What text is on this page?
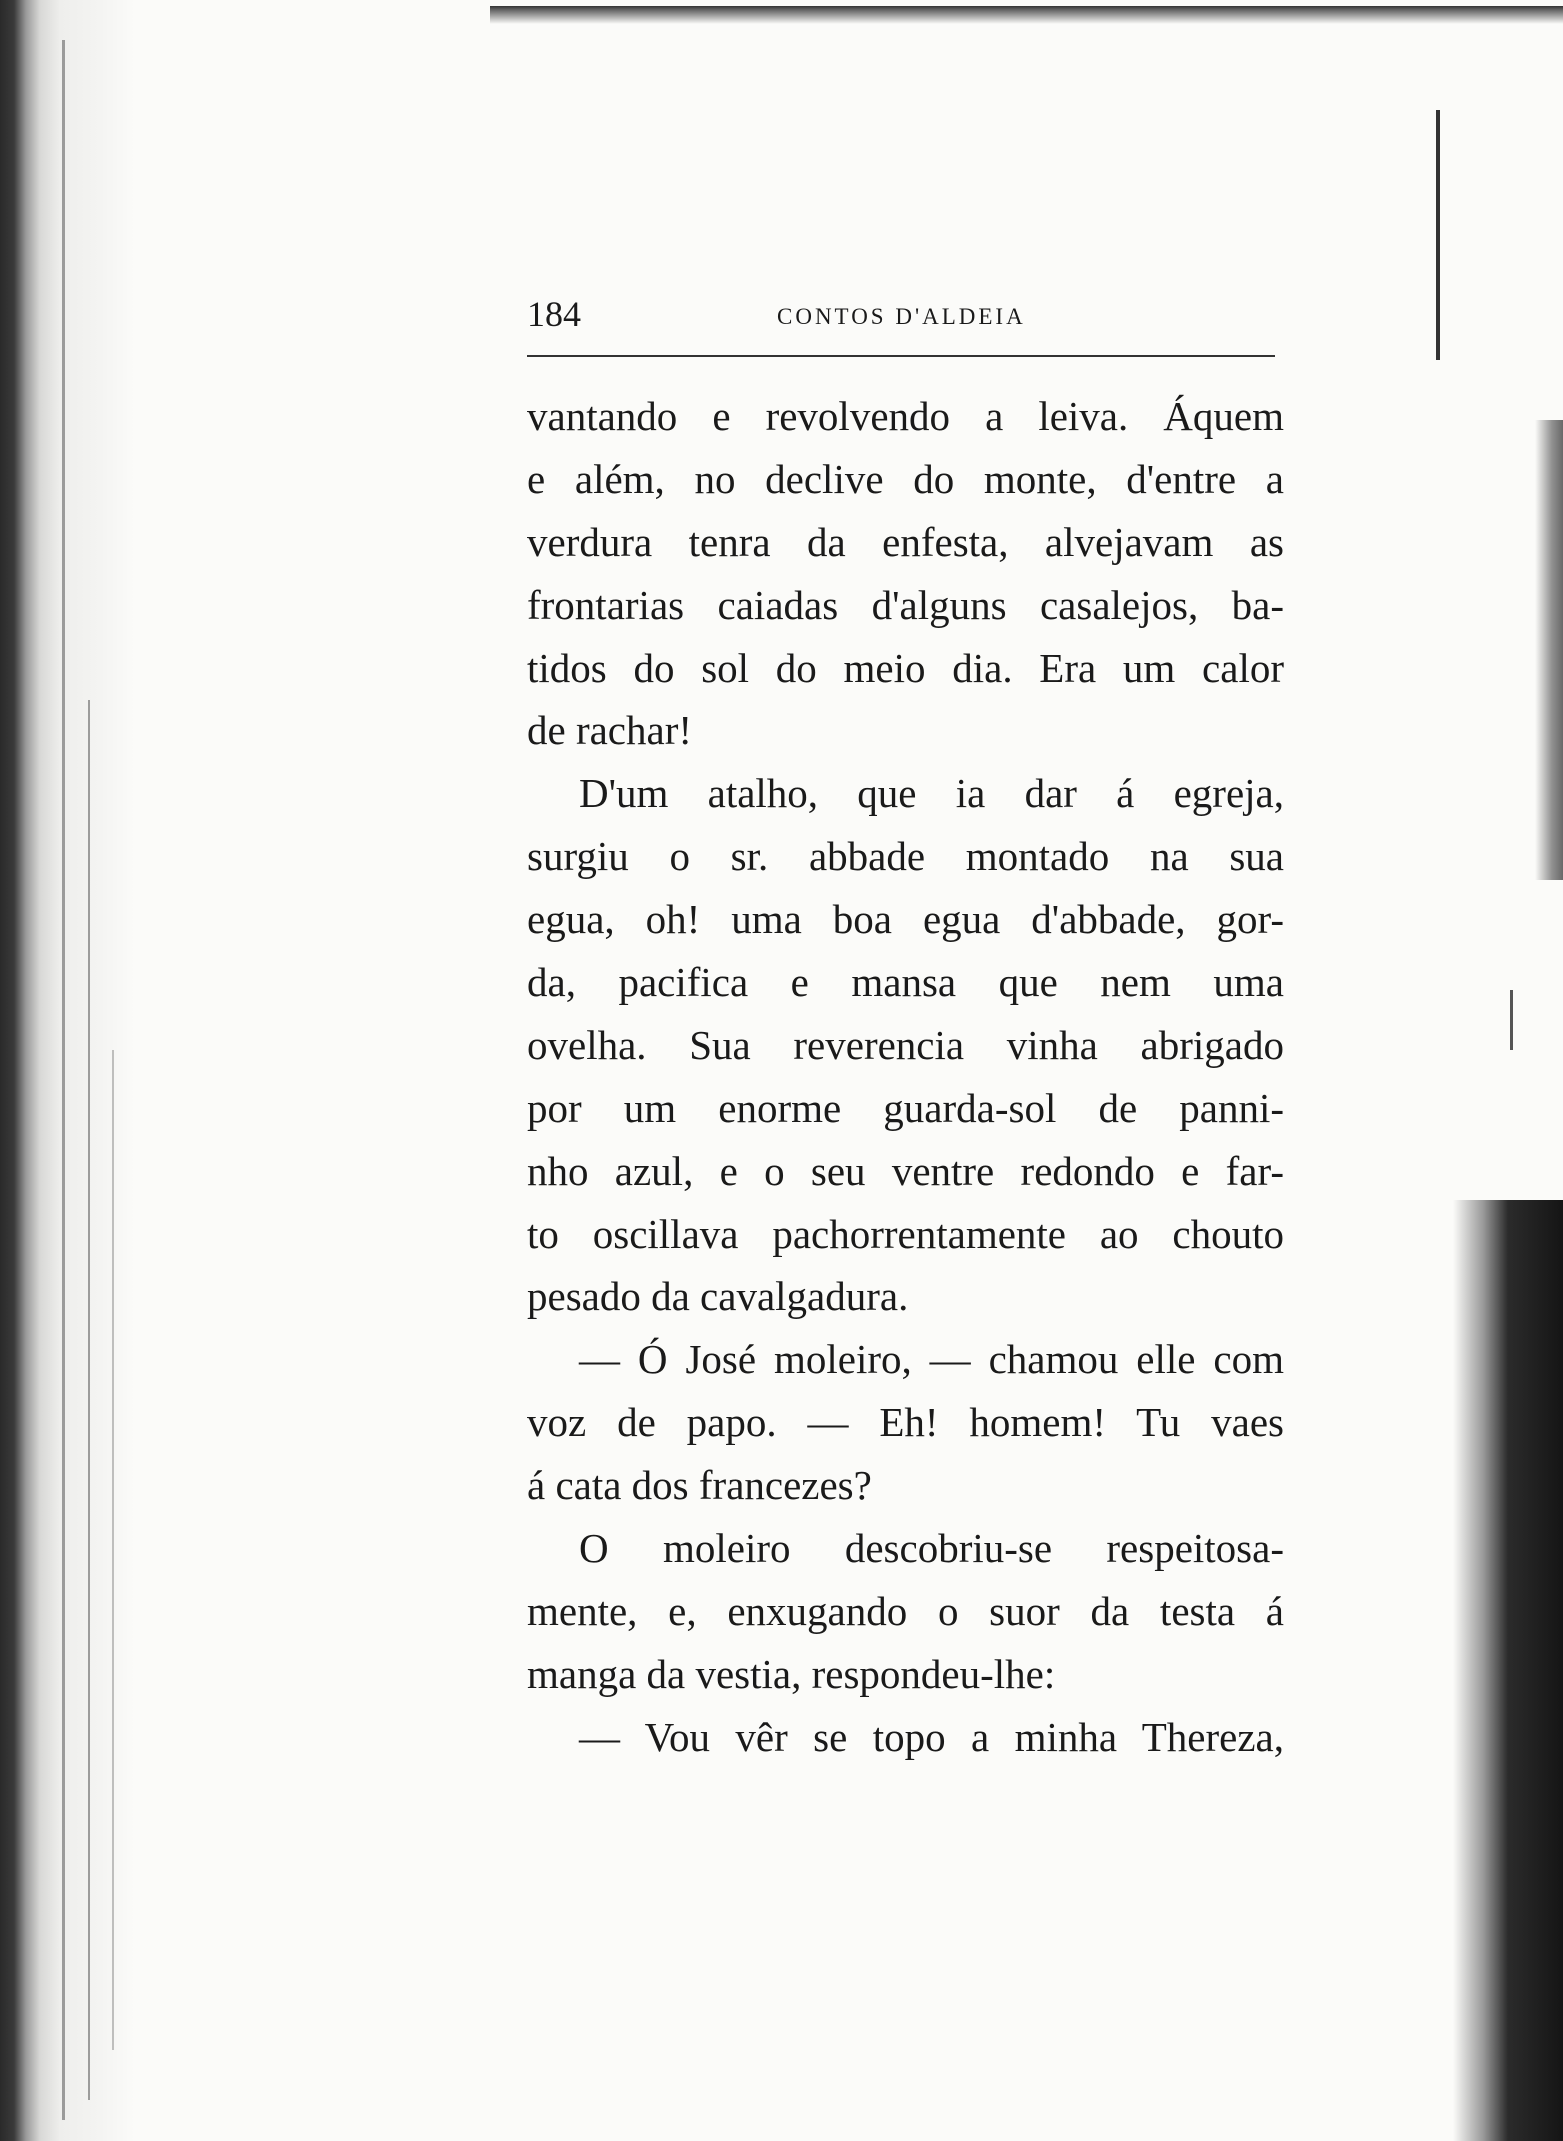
184	CONTOS D'ALDEIA
vantando e revolvendo a leiva. Áquem
e além, no declive do monte, d'entre a
verdura tenra da enfesta, alvejavam as
frontarias caiadas d'alguns casalejos, ba-
tidos do sol do meio dia. Era um calor
de rachar!
D'um atalho, que ia dar á egreja,
surgiu o sr. abbade montado na sua
egua, oh! uma boa egua d'abbade, gor-
da, pacifica e mansa que nem uma
ovelha. Sua reverencia vinha abrigado
por um enorme guarda-sol de panni-
nho azul, e o seu ventre redondo e far-
to oscillava pachorrentamente ao chouto
pesado da cavalgadura.
— Ó José moleiro, — chamou elle com
voz de papo. — Eh! homem! Tu vaes
á cata dos francezes?
O moleiro descobriu-se respeitosa-
mente, e, enxugando o suor da testa á
manga da vestia, respondeu-lhe:
— Vou vêr se topo a minha Thereza,
